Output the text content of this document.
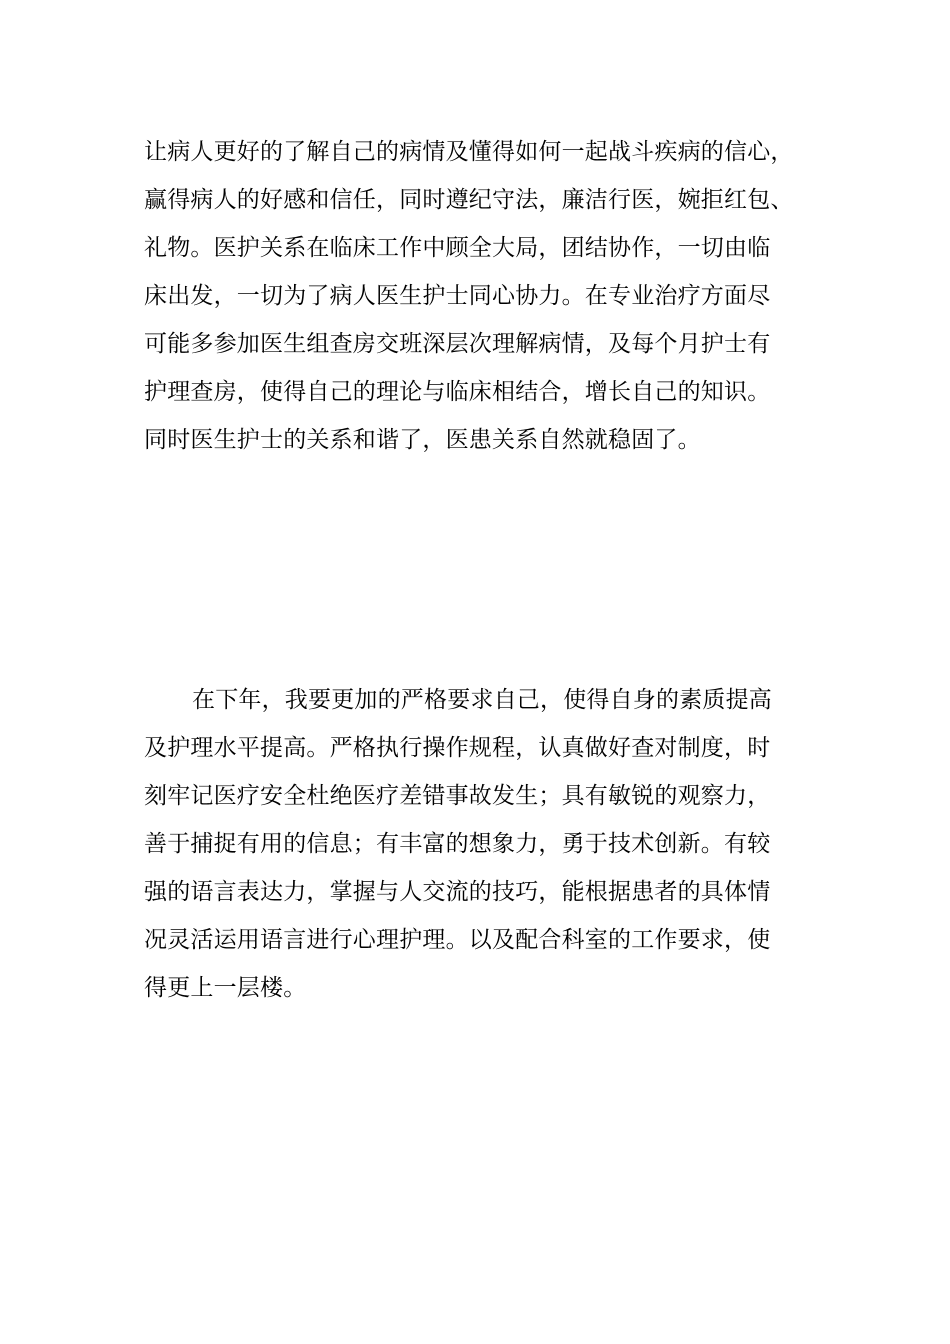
让病人更好的了解自己的病情及懂得如何一起战斗疾病的信心，
赢得病人的好感和信任，同时遵纪守法，廉洁行医，婉拒红包、
礼物。医护关系在临床工作中顾全大局，团结协作，一切由临
床出发，一切为了病人医生护士同心协力。在专业治疗方面尽
可能多参加医生组查房交班深层次理解病情，及每个月护士有
护理查房，使得自己的理论与临床相结合，增长自己的知识。
同时医生护士的关系和谐了，医患关系自然就稳固了。
在下年，我要更加的严格要求自己，使得自身的素质提高
及护理水平提高。严格执行操作规程，认真做好查对制度，时
刻牢记医疗安全杜绝医疗差错事故发生；具有敏锐的观察力，
善于捕捉有用的信息；有丰富的想象力，勇于技术创新。有较
强的语言表达力，掌握与人交流的技巧，能根据患者的具体情
况灵活运用语言进行心理护理。以及配合科室的工作要求，使
得更上一层楼。
